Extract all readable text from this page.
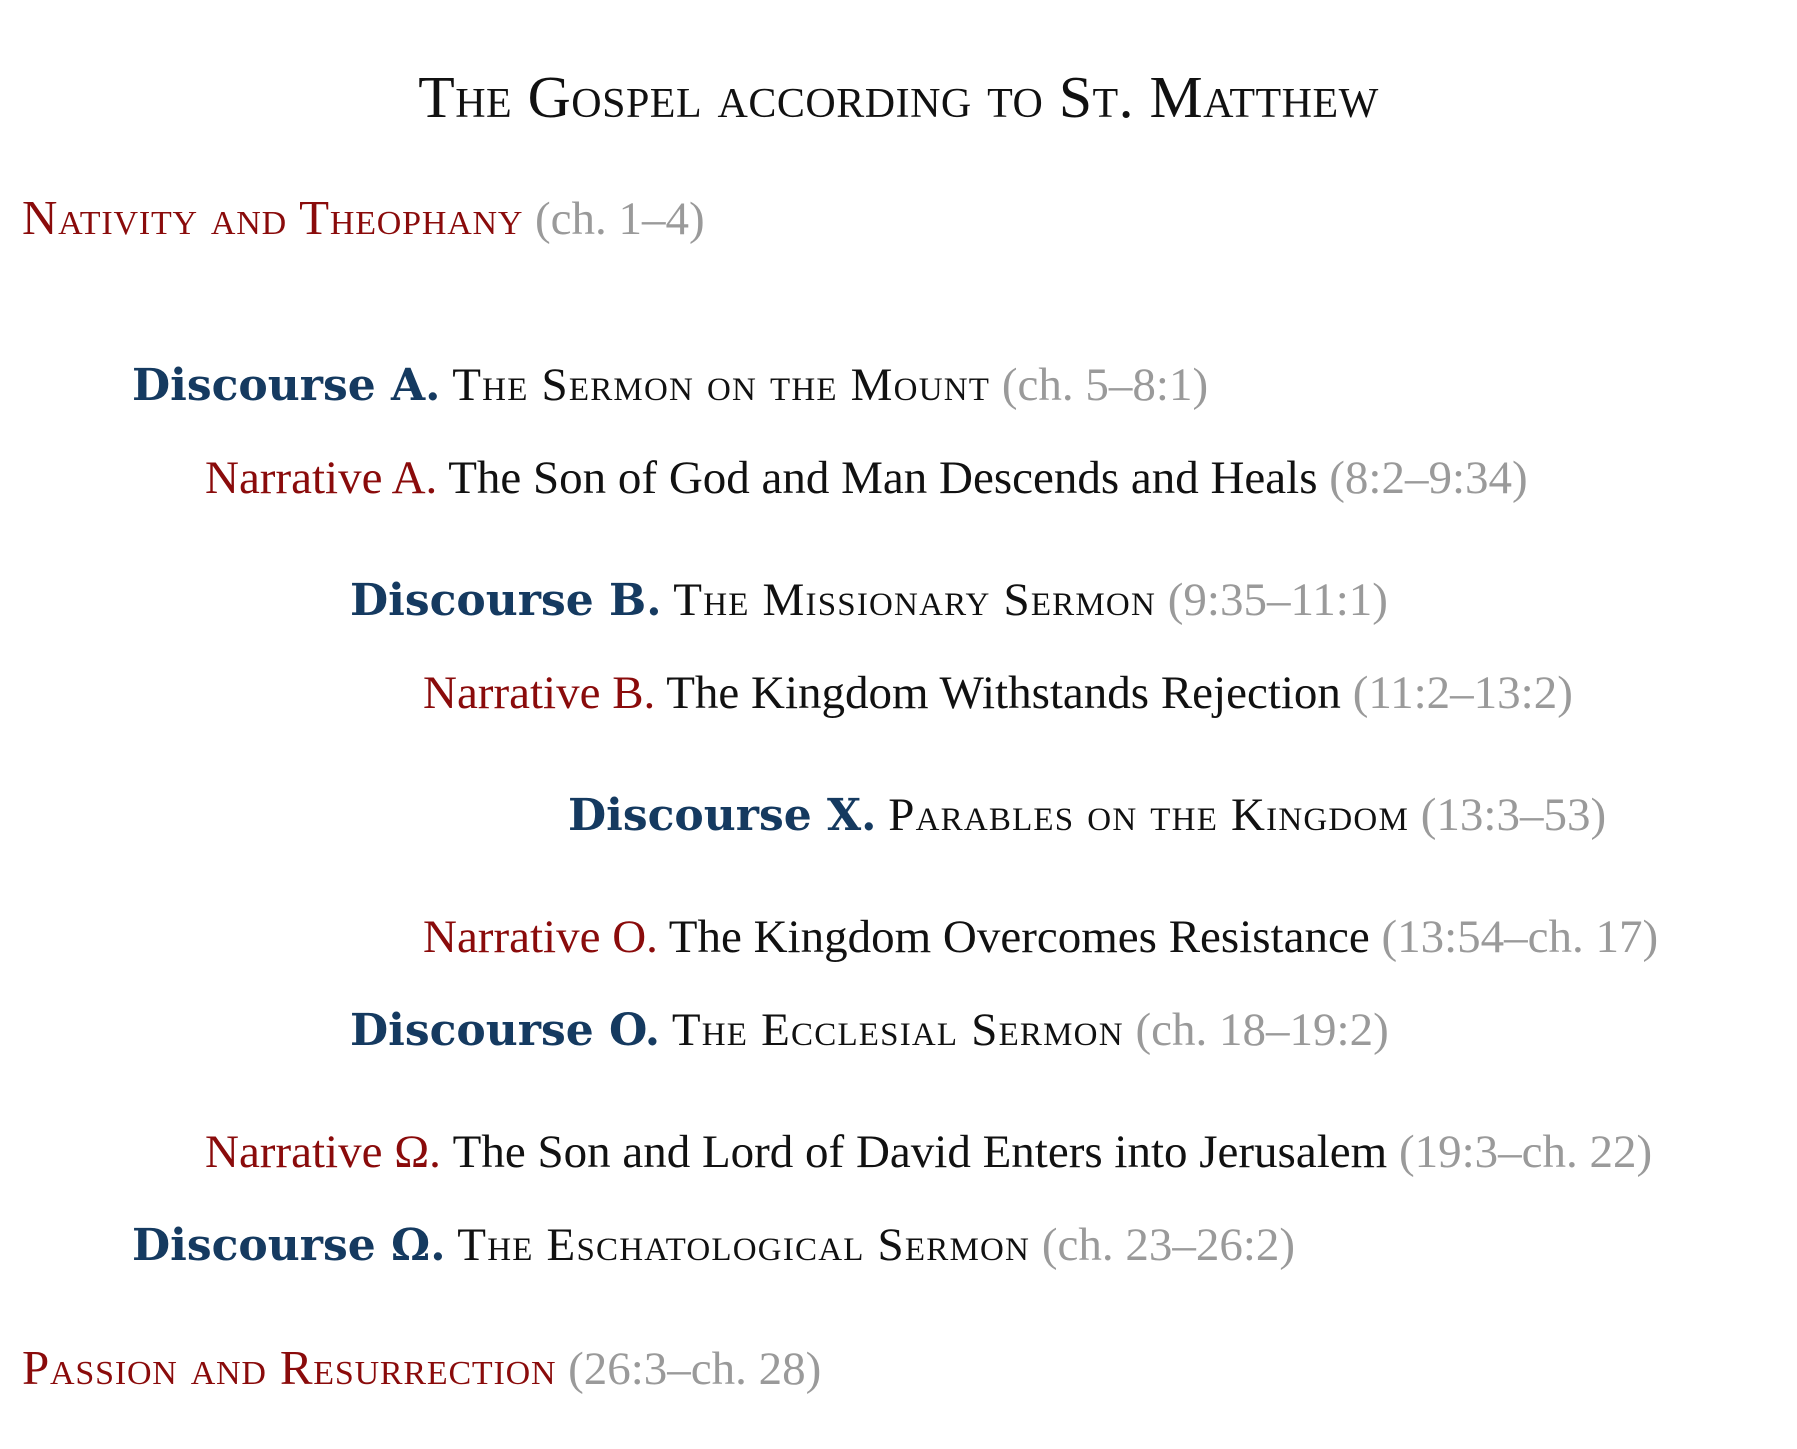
The Gospel according to St. Matthew
Nativity and Theophany (ch. 1–4)
Discourse A. The Sermon on the Mount (ch. 5–8:1)
Narrative A. The Son of God and Man Descends and Heals (8:2–9:34)
Discourse B. The Missionary Sermon (9:35–11:1)
Narrative B. The Kingdom Withstands Rejection (11:2–13:2)
Discourse X. Parables on the Kingdom (13:3–53)
Narrative O. The Kingdom Overcomes Resistance (13:54–ch. 17)
Discourse O. The Ecclesial Sermon (ch. 18–19:2)
Narrative Ω. The Son and Lord of David Enters into Jerusalem (19:3–ch. 22)
Discourse Ω. The Eschatological Sermon (ch. 23–26:2)
Passion and Resurrection (26:3–ch. 28)
